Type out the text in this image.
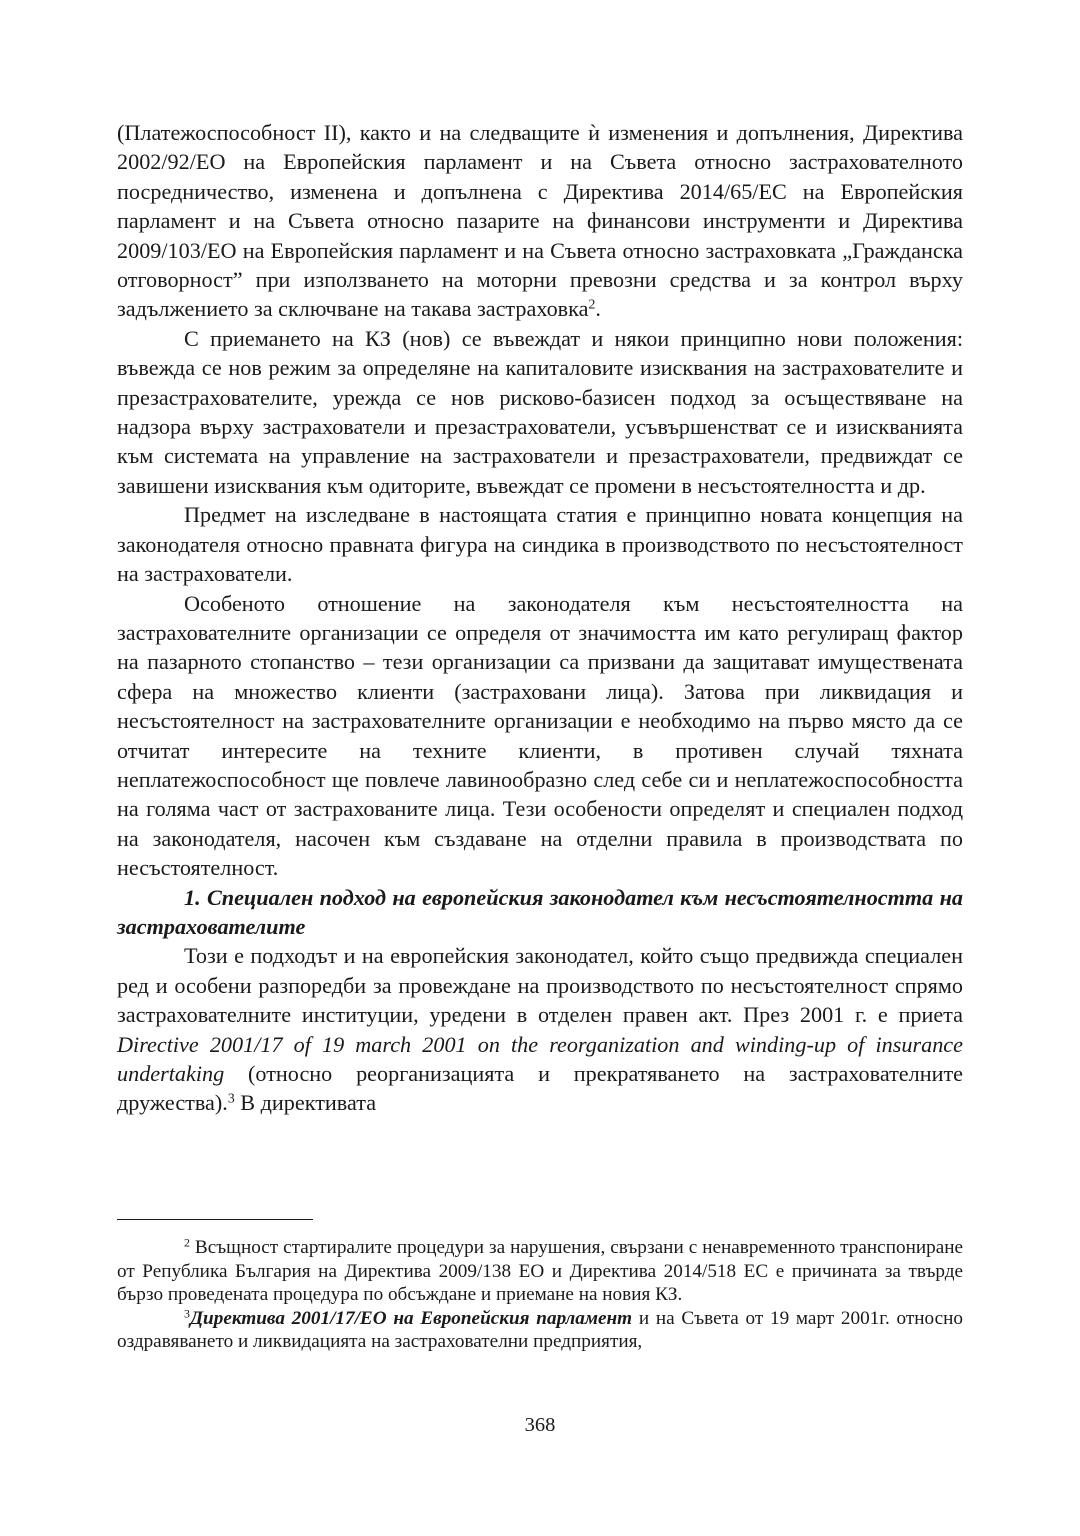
(Платежоспособност II), както и на следващите ѝ изменения и допълнения, Директива 2002/92/ЕО на Европейския парламент и на Съвета относно застрахователното посредничество, изменена и допълнена с Директива 2014/65/ЕС на Европейския парламент и на Съвета относно пазарите на финансови инструменти и Директива 2009/103/ЕО на Европейския парламент и на Съвета относно застраховката „Гражданска отговорност” при използването на моторни превозни средства и за контрол върху задължението за сключване на такава застраховка$^2$.

С приемането на КЗ (нов) се въвеждат и някои принципно нови положения: въвежда се нов режим за определяне на капиталовите изисквания на застрахователите и презастрахователите, урежда се нов рисково-базисен подход за осъществяване на надзора върху застрахователи и презастрахователи, усъвършенстват се и изискванията към системата на управление на застрахователи и презастрахователи, предвиждат се завишени изисквания към одиторите, въвеждат се промени в несъстоятелността и др.

Предмет на изследване в настоящата статия е принципно новата концепция на законодателя относно правната фигура на синдика в производството по несъстоятелност на застрахователи.

Особеното отношение на законодателя към несъстоятелността на застрахователните организации се определя от значимостта им като регулиращ фактор на пазарното стопанство – тези организации са призвани да защитават имуществената сфера на множество клиенти (застраховани лица). Затова при ликвидация и несъстоятелност на застрахователните организации е необходимо на първо място да се отчитат интересите на техните клиенти, в противен случай тяхната неплатежоспособност ще повлече лавинообразно след себе си и неплатежоспособността на голяма част от застрахованите лица. Тези особености определят и специален подход на законодателя, насочен към създаване на отделни правила в производствата по несъстоятелност.

1. Специален подход на европейския законодател към несъстоятелността на застрахователите

Този е подходът и на европейския законодател, който също предвижда специален ред и особени разпоредби за провеждане на производството по несъстоятелност спрямо застрахователните институции, уредени в отделен правен акт. През 2001 г. е приета Directive 2001/17 of 19 march 2001 on the reorganization and winding-up of insurance undertaking (относно реорганизацията и прекратяването на застрахователните дружества).$^3$ В директивата

$^2$ Всъщност стартиралите процедури за нарушения, свързани с ненавременното транспониране от Република България на Директива 2009/138 ЕО и Директива 2014/518 ЕС е причината за твърде бързо проведената процедура по обсъждане и приемане на новия КЗ.

$^3$Директива 2001/17/ЕО на Европейския парламент и на Съвета от 19 март 2001г. относно оздравяването и ликвидацията на застрахователни предприятия,

368
